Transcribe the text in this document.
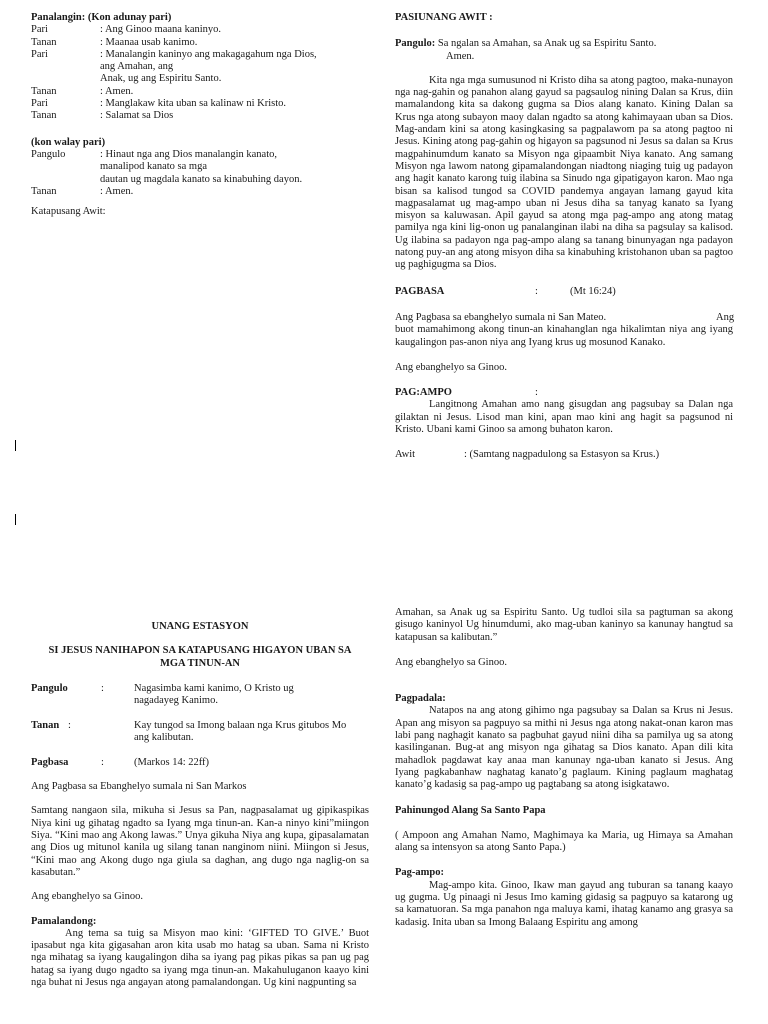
Panalangin: (Kon adunay pari)
Pari	: Ang Ginoo maana kaninyo.
Tanan	: Maanaa usab kanimo.
Pari	: Manalangin kaninyo ang makagagahum nga Dios,
ang Amahan, ang
Anak, ug ang Espiritu Santo.
Tanan	: Amen.
Pari	: Manglakaw kita uban sa kalinaw ni Kristo.
Tanan	: Salamat sa Dios
(kon walay pari)
Pangulo	: Hinaut nga ang Dios manalangin kanato,
manalipod kanato sa mga
dautan ug magdala kanato sa kinabuhing dayon.
Tanan	: Amen.
Katapusang Awit:
PASIUNANG AWIT :
Pangulo: Sa ngalan sa Amahan, sa Anak ug sa Espiritu Santo.
Amen.
Kita nga mga sumusunod ni Kristo diha sa atong pagtoo, maka-nunayon nga nag-gahin og panahon alang gayud sa pagsaulog nining Dalan sa Krus, diin mamalandong kita sa dakong gugma sa Dios alang kanato. Kining Dalan sa Krus nga atong subayon maoy dalan ngadto sa atong kahimayaan uban sa Dios. Mag-andam kini sa atong kasingkasing sa pagpalawom pa sa atong pagtoo ni Jesus. Kining atong pag-gahin og higayon sa pagsunod ni Jesus sa dalan sa Krus magpahinumdum kanato sa Misyon nga gipaambit Niya kanato. Ang samang Misyon nga lawom natong gipamalandongan niadtong niaging tuig ug padayon ang hagit kanato karong tuig ilabina sa Sinudo nga gipatigayon karon. Mao nga bisan sa kalisod tungod sa COVID pandemya angayan lamang gayud kita magpasalamat ug mag-ampo uban ni Jesus diha sa tanyag kanato sa Iyang misyon sa kaluwasan. Apil gayud sa atong mga pag-ampo ang atong matag pamilya nga kini lig-onon ug panalanginan ilabi na diha sa pagsulay sa kalisod. Ug ilabina sa padayon nga pag-ampo alang sa tanang binunyagan nga padayon natong puy-an ang atong misyon diha sa kinabuhing kristohanon uban sa pagtoo ug paghigugma sa Dios.
PAGBASA	:	(Mt 16:24)
Ang Pagbasa sa ebanghelyo sumala ni San Mateo.	Ang
buot mamahimong akong tinun-an kinahanglan nga hikalimtan niya ang iyang kaugalingon pas-anon niya ang Iyang krus ug mosunod Kanako.
Ang ebanghelyo sa Ginoo.
PAG:AMPO	:
Langitnong Amahan amo nang gisugdan ang pagsubay sa Dalan nga gilaktan ni Jesus. Lisod man kini, apan mao kini ang hagit sa pagsunod ni Kristo. Ubani kami Ginoo sa among buhaton karon.
Awit	: (Samtang nagpadulong sa Estasyon sa Krus.)
UNANG ESTASYON
SI JESUS NANIHAPON SA KATAPUSANG HIGAYON UBAN SA MGA TINUN-AN
Pangulo	:	Nagasimba kami kanimo, O Kristo ug nagadayeg Kanimo.
Tanan :	Kay tungod sa Imong balaan nga Krus gitubos Mo ang kalibutan.
Pagbasa	:	(Markos 14: 22ff)
Ang Pagbasa sa Ebanghelyo sumala ni San Markos
Samtang nangaon sila, mikuha si Jesus sa Pan, nagpasalamat ug gipikaspikas Niya kini ug gihatag ngadto sa Iyang mga tinun-an. Kan-a ninyo kini”miingon Siya. “Kini mao ang Akong lawas.” Unya gikuha Niya ang kupa, gipasalamatan ang Dios ug mitunol kanila ug silang tanan nanginom niini. Miingon si Jesus, “Kini mao ang Akong dugo nga giula sa daghan, ang dugo nga naglig-on sa kasabutan.”
Ang ebanghelyo sa Ginoo.
Pamalandong:
Ang tema sa tuig sa Misyon mao kini: ‘GIFTED TO GIVE.’ Buot ipasabut nga kita gigasahan aron kita usab mo hatag sa uban. Sama ni Kristo nga mihatag sa iyang kaugalingon diha sa iyang pag pikas pikas sa pan ug pag hatag sa iyang dugo ngadto sa iyang mga tinun-an. Makahuluganon kaayo kini nga buhat ni Jesus nga angayan atong pamalandongan. Ug kini nagpunting sa
Amahan, sa Anak ug sa Espiritu Santo. Ug tudloi sila sa pagtuman sa akong gisugo kaninyol Ug hinumdumi, ako mag-uban kaninyo sa kanunay hangtud sa katapusan sa kalibutan.”
Ang ebanghelyo sa Ginoo.
Pagpadala:
Natapos na ang atong gihimo nga pagsubay sa Dalan sa Krus ni Jesus. Apan ang misyon sa pagpuyo sa mithi ni Jesus nga atong nakat-onan karon mas labi pang naghagit kanato sa pagbuhat gayud niini diha sa pamilya ug sa atong kasilinganan. Bug-at ang misyon nga gihatag sa Dios kanato. Apan dili kita mahadlok pagdawat kay anaa man kanunay nga-uban kanato si Jesus. Ang Iyang pagkabanhaw naghatag kanato’g paglaum. Kining paglaum maghatag kanato’g kadasig sa pag-ampo ug pagtabang sa atong isigkatawo.
Pahinungod Alang Sa Santo Papa
( Ampoon ang Amahan Namo, Maghimaya ka Maria, ug Himaya sa Amahan alang sa intensyon sa atong Santo Papa.)
Pag-ampo:
Mag-ampo kita. Ginoo, Ikaw man gayud ang tuburan sa tanang kaayo ug gugma. Ug pinaagi ni Jesus Imo kaming gidasig sa pagpuyo sa katarong ug sa kamatuoran. Sa mga panahon nga maluya kami, ihatag kanamo ang grasya sa kadasig. Inita uban sa Imong Balaang Espiritu ang among
